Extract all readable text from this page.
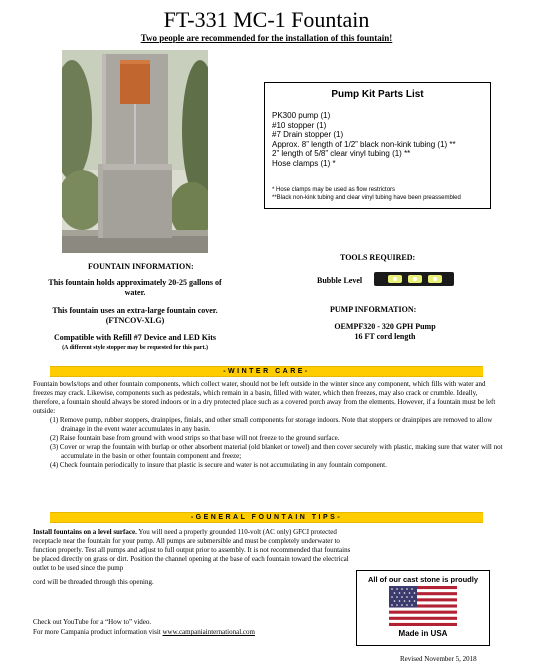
FT-331 MC-1 Fountain
Two people are recommended for the installation of this fountain!
Pump Kit Parts List
PK300 pump (1)
#10 stopper (1)
#7 Drain stopper (1)
Approx. 8” length of 1/2” black non-kink tubing (1) **
2” length of 5/8” clear vinyl tubing (1) **
Hose clamps (1) *
* Hose clamps may be used as flow restrictors
**Black non-kink tubing and clear vinyl tubing have been preassembled
FOUNTAIN INFORMATION:
This fountain holds approximately 20-25 gallons of water.
This fountain uses an extra-large fountain cover.
(FTNCOV-XLG)
Compatible with Refill #7 Device and LED Kits
(A different style stopper may be requested for this part.)
TOOLS REQUIRED:
Bubble Level
PUMP INFORMATION:
OEMPF320 - 320 GPH Pump
16 FT cord length
-WINTER CARE-

Fountain bowls/tops and other fountain components, which collect water, should not be left outside in the winter since any component, which fills with water and freezes may crack. Likewise, components such as pedestals, which remain in a basin, filled with water, which then freezes, may also crack or crumble. Ideally, therefore, a fountain should always be stored indoors or in a dry protected place such as a covered porch away from the elements. However, if a fountain must be left outside:

(1) Remove pump, rubber stoppers, drainpipes, finials, and other small components for storage indoors. Note that stoppers or drainpipes are removed to allow drainage in the event water accumulates in any basin.
(2) Raise fountain base from ground with wood strips so that base will not freeze to the ground surface.
(3) Cover or wrap the fountain with burlap or other absorbent material (old blanket or towel) and then cover securely with plastic, making sure that water will not accumulate in the basin or other fountain component and freeze;
(4) Check fountain periodically to insure that plastic is secure and water is not accumulating in any fountain component.
-GENERAL FOUNTAIN TIPS-
Install fountains on a level surface. You will need a properly grounded 110-volt (AC only) GFCI protected receptacle near the fountain for your pump. All pumps are submersible and must be completely underwater to function properly. Test all pumps and adjust to full output prior to assembly. It is not recommended that fountains be placed directly on grass or dirt. Position the channel opening at the base of each fountain toward the electrical outlet to be used since the pump
cord will be threaded through this opening.	All of our cast stone is proudly
Made in USA
Check out YouTube for a “How to” video.
For more Campania product information visit www.campaniainternational.com
Revised November 5, 2018
